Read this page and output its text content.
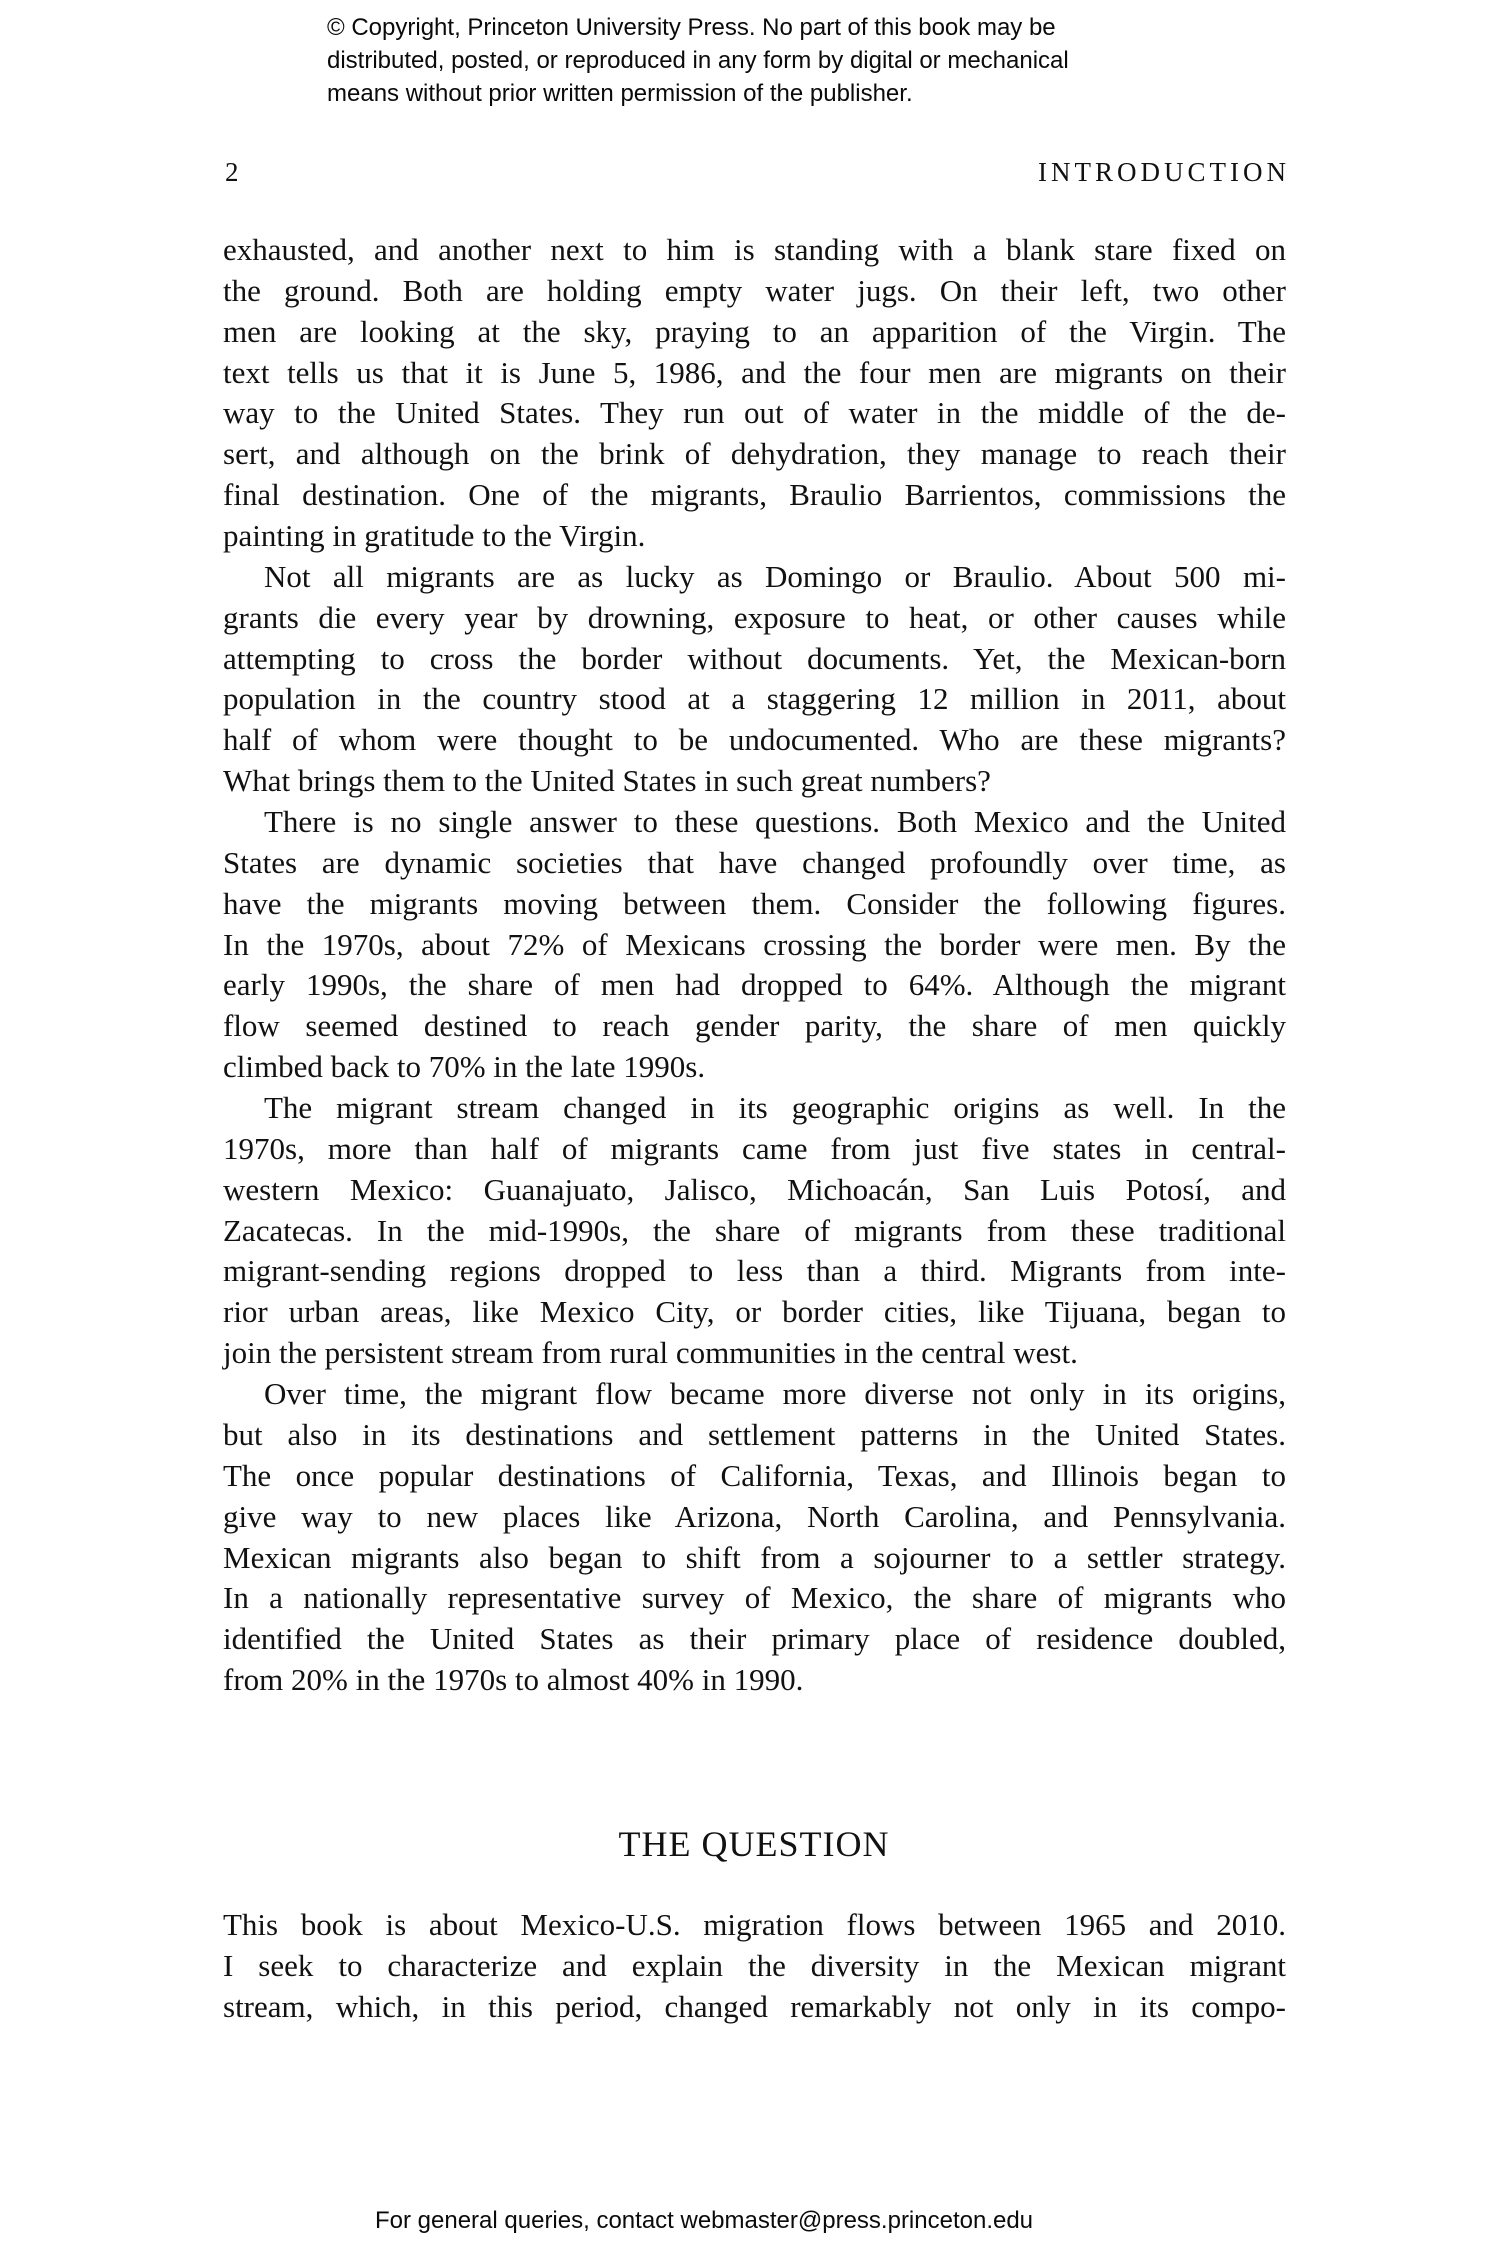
© Copyright, Princeton University Press. No part of this book may be
distributed, posted, or reproduced in any form by digital or mechanical
means without prior written permission of the publisher.
2	INTRODUCTION
exhausted, and another next to him is standing with a blank stare fixed on
the ground. Both are holding empty water jugs. On their left, two other
men are looking at the sky, praying to an apparition of the Virgin. The
text tells us that it is June 5, 1986, and the four men are migrants on their
way to the United States. They run out of water in the middle of the de-
sert, and although on the brink of dehydration, they manage to reach their
final destination. One of the migrants, Braulio Barrientos, commissions the
painting in gratitude to the Virgin.
Not all migrants are as lucky as Domingo or Braulio. About 500 mi-
grants die every year by drowning, exposure to heat, or other causes while
attempting to cross the border without documents. Yet, the Mexican-born
population in the country stood at a staggering 12 million in 2011, about
half of whom were thought to be undocumented. Who are these migrants?
What brings them to the United States in such great numbers?
There is no single answer to these questions. Both Mexico and the United
States are dynamic societies that have changed profoundly over time, as
have the migrants moving between them. Consider the following figures.
In the 1970s, about 72% of Mexicans crossing the border were men. By the
early 1990s, the share of men had dropped to 64%. Although the migrant
flow seemed destined to reach gender parity, the share of men quickly
climbed back to 70% in the late 1990s.
The migrant stream changed in its geographic origins as well. In the
1970s, more than half of migrants came from just five states in central-
western Mexico: Guanajuato, Jalisco, Michoacán, San Luis Potosí, and
Zacatecas. In the mid-1990s, the share of migrants from these traditional
migrant-sending regions dropped to less than a third. Migrants from inte-
rior urban areas, like Mexico City, or border cities, like Tijuana, began to
join the persistent stream from rural communities in the central west.
Over time, the migrant flow became more diverse not only in its origins,
but also in its destinations and settlement patterns in the United States.
The once popular destinations of California, Texas, and Illinois began to
give way to new places like Arizona, North Carolina, and Pennsylvania.
Mexican migrants also began to shift from a sojourner to a settler strategy.
In a nationally representative survey of Mexico, the share of migrants who
identified the United States as their primary place of residence doubled,
from 20% in the 1970s to almost 40% in 1990.
THE QUESTION
This book is about Mexico-U.S. migration flows between 1965 and 2010.
I seek to characterize and explain the diversity in the Mexican migrant
stream, which, in this period, changed remarkably not only in its compo-
For general queries, contact webmaster@press.princeton.edu
